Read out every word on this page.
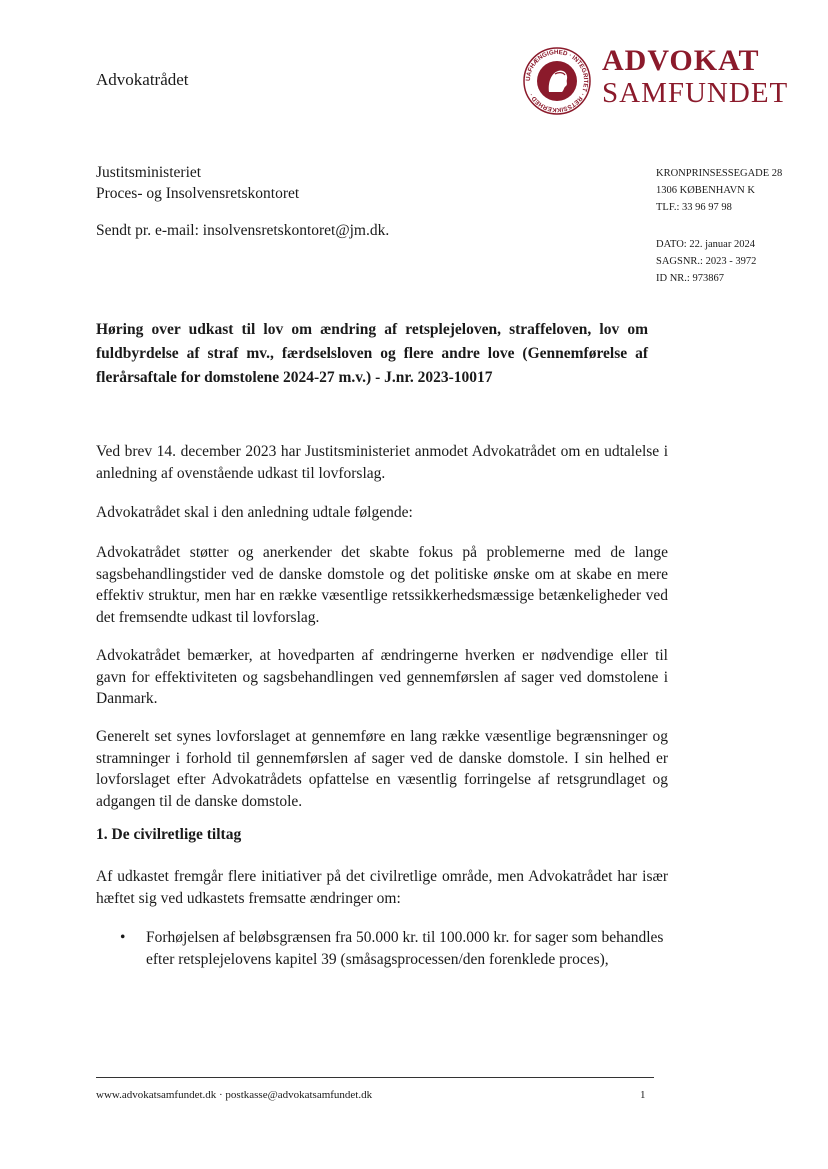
Advokatrådet	UAFHÆNGIGHED · INTEGRITET · RETSSIKKERHED ·
ADVOKAT
SAMFUNDET
Justitsministeriet
Proces- og Insolvensretskontoret
Sendt pr. e-mail: insolvensretskontoret@jm.dk.
KRONPRINSESSEGADE 28
1306 KØBENHAVN K
TLF.: 33 96 97 98
DATO: 22. januar 2024
SAGSNR.: 2023 - 3972
ID NR.: 973867
Høring over udkast til lov om ændring af retsplejeloven, straffeloven, lov om fuldbyrdelse af straf mv., færdselsloven og flere andre love (Gennemførelse af flerårsaftale for domstolene 2024-27 m.v.) - J.nr. 2023-10017
Ved brev 14. december 2023 har Justitsministeriet anmodet Advokatrådet om en udtalelse i anledning af ovenstående udkast til lovforslag.
Advokatrådet skal i den anledning udtale følgende:
Advokatrådet støtter og anerkender det skabte fokus på problemerne med de lange sagsbehandlingstider ved de danske domstole og det politiske ønske om at skabe en mere effektiv struktur, men har en række væsentlige retssikkerhedsmæssige betænkeligheder ved det fremsendte udkast til lovforslag.
Advokatrådet bemærker, at hovedparten af ændringerne hverken er nødvendige eller til gavn for effektiviteten og sagsbehandlingen ved gennemførslen af sager ved domstolene i Danmark.
Generelt set synes lovforslaget at gennemføre en lang række væsentlige begrænsninger og stramninger i forhold til gennemførslen af sager ved de danske domstole. I sin helhed er lovforslaget efter Advokatrådets opfattelse en væsentlig forringelse af retsgrundlaget og adgangen til de danske domstole.
1. De civilretlige tiltag
Af udkastet fremgår flere initiativer på det civilretlige område, men Advokatrådet har især hæftet sig ved udkastets fremsatte ændringer om:
• Forhøjelsen af beløbsgrænsen fra 50.000 kr. til 100.000 kr. for sager som behandles efter retsplejelovens kapitel 39 (småsagsprocessen/den forenklede proces),
www.advokatsamfundet.dk · postkasse@advokatsamfundet.dk	1
